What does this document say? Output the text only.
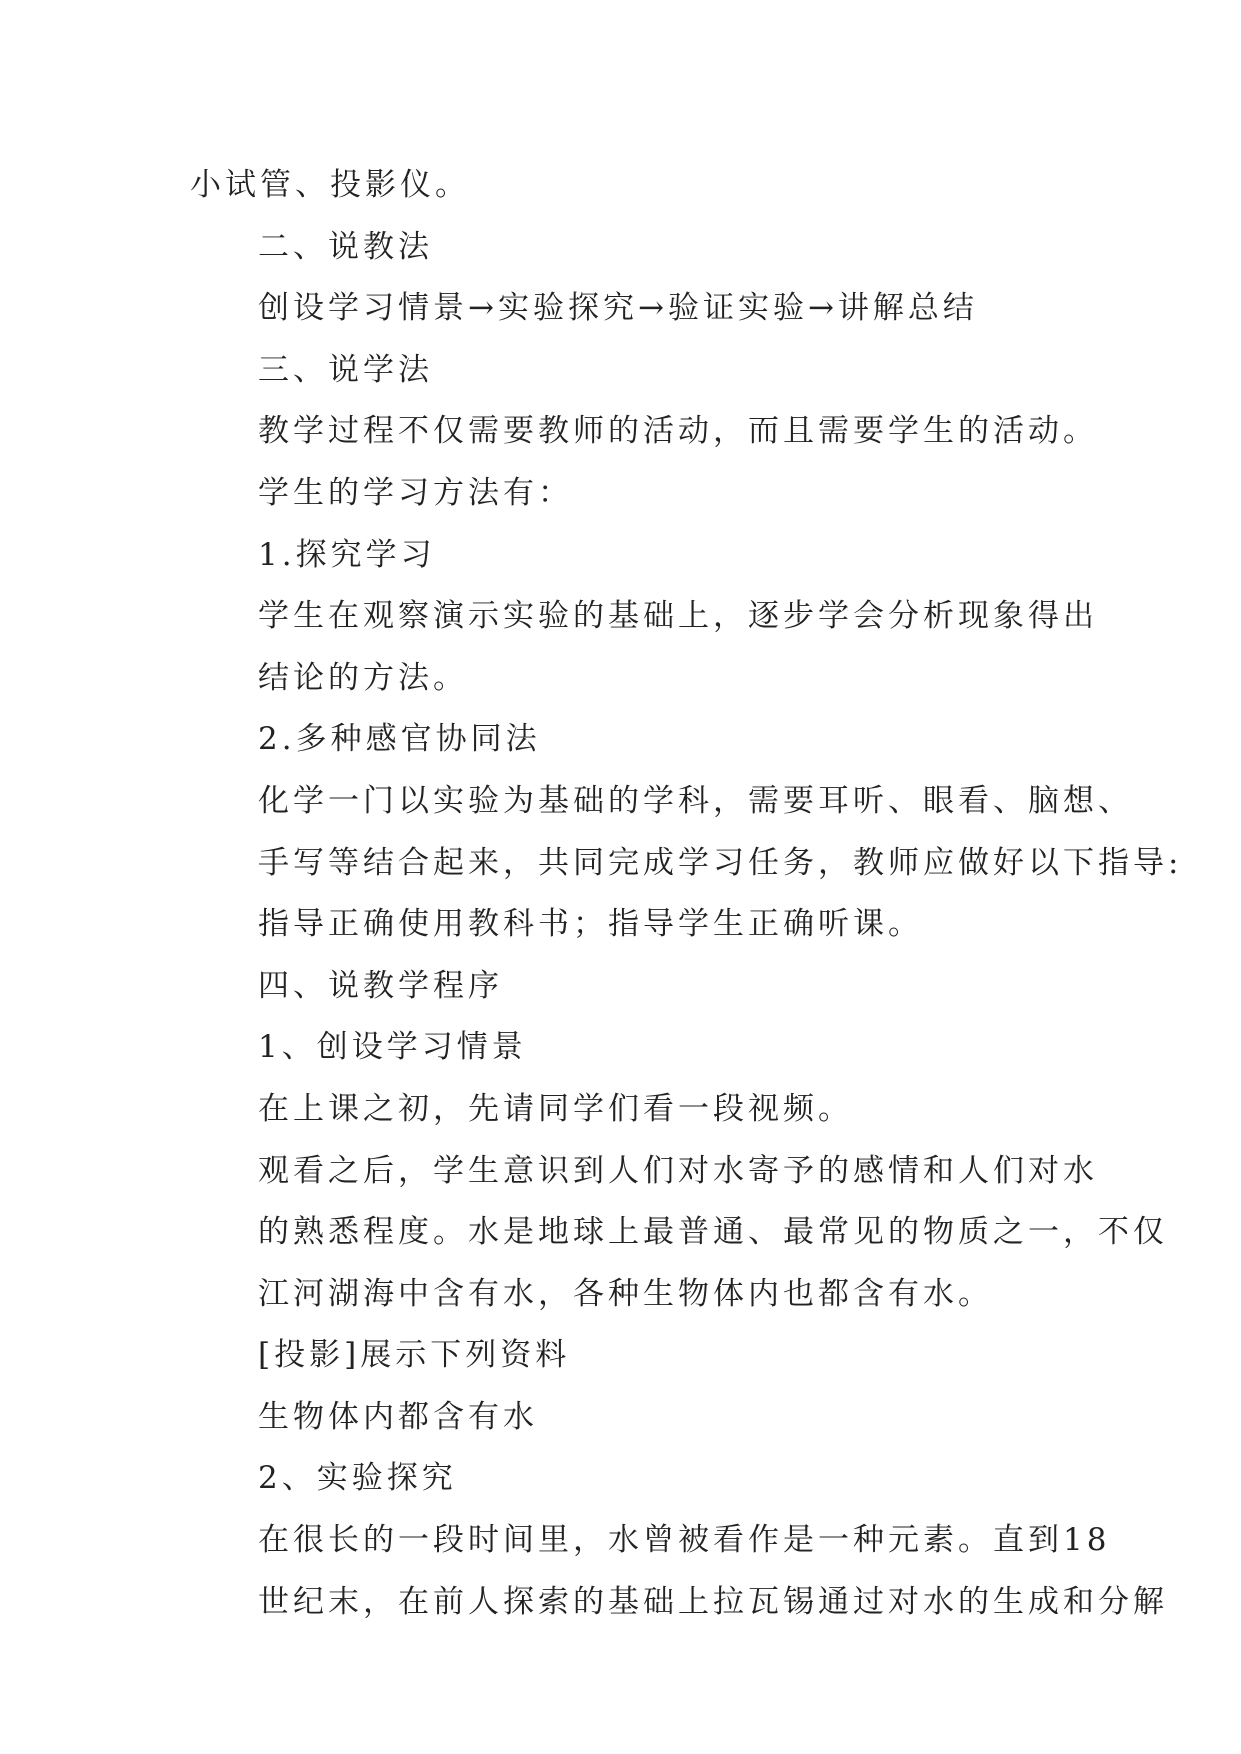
小试管、投影仪。

二、说教法

创设学习情景→实验探究→验证实验→讲解总结

三、说学法

教学过程不仅需要教师的活动，而且需要学生的活动。
学生的学习方法有：

1.探究学习

学生在观察演示实验的基础上，逐步学会分析现象得出
结论的方法。

2.多种感官协同法

化学一门以实验为基础的学科，需要耳听、眼看、脑想、
手写等结合起来，共同完成学习任务，教师应做好以下指导:
指导正确使用教科书；指导学生正确听课。

四、说教学程序

1、创设学习情景

在上课之初，先请同学们看一段视频。

观看之后，学生意识到人们对水寄予的感情和人们对水
的熟悉程度。水是地球上最普通、最常见的物质之一，不仅
江河湖海中含有水，各种生物体内也都含有水。

[投影]展示下列资料

生物体内都含有水

2、实验探究

在很长的一段时间里，水曾被看作是一种元素。直到18
世纪末，在前人探索的基础上拉瓦锡通过对水的生成和分解
